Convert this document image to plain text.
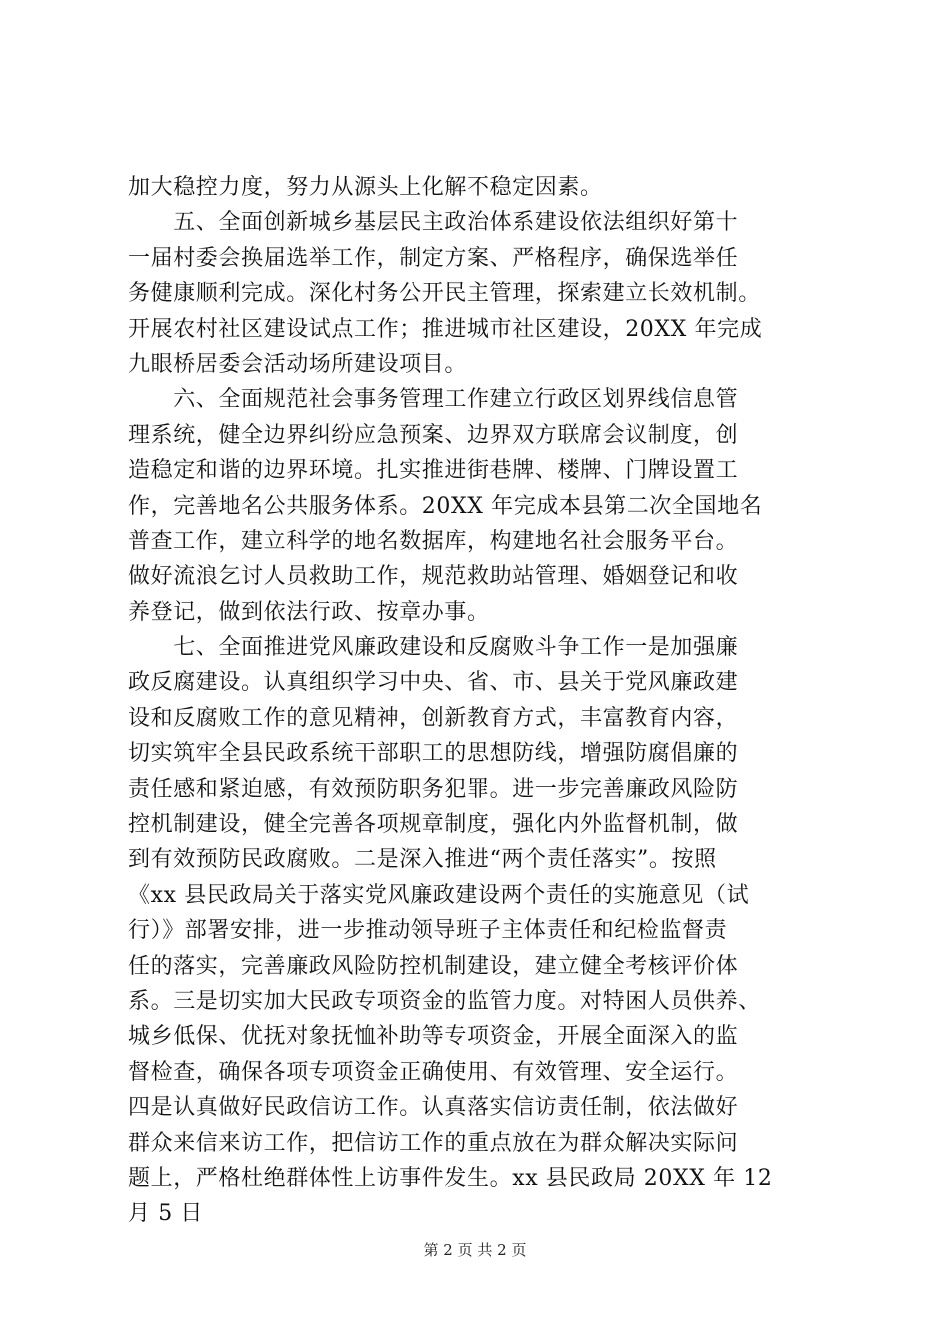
加大稳控力度，努力从源头上化解不稳定因素。
　　五、全面创新城乡基层民主政治体系建设依法组织好第十
一届村委会换届选举工作，制定方案、严格程序，确保选举任
务健康顺利完成。深化村务公开民主管理，探索建立长效机制。
开展农村社区建设试点工作；推进城市社区建设，20XX 年完成
九眼桥居委会活动场所建设项目。
　　六、全面规范社会事务管理工作建立行政区划界线信息管
理系统，健全边界纠纷应急预案、边界双方联席会议制度，创
造稳定和谐的边界环境。扎实推进街巷牌、楼牌、门牌设置工
作，完善地名公共服务体系。20XX 年完成本县第二次全国地名
普查工作，建立科学的地名数据库，构建地名社会服务平台。
做好流浪乞讨人员救助工作，规范救助站管理、婚姻登记和收
养登记，做到依法行政、按章办事。
　　七、全面推进党风廉政建设和反腐败斗争工作一是加强廉
政反腐建设。认真组织学习中央、省、市、县关于党风廉政建
设和反腐败工作的意见精神，创新教育方式，丰富教育内容，
切实筑牢全县民政系统干部职工的思想防线，增强防腐倡廉的
责任感和紧迫感，有效预防职务犯罪。进一步完善廉政风险防
控机制建设，健全完善各项规章制度，强化内外监督机制，做
到有效预防民政腐败。二是深入推进“两个责任落实”。按照
《xx 县民政局关于落实党风廉政建设两个责任的实施意见（试
行）》部署安排，进一步推动领导班子主体责任和纪检监督责
任的落实，完善廉政风险防控机制建设，建立健全考核评价体
系。三是切实加大民政专项资金的监管力度。对特困人员供养、
城乡低保、优抚对象抚恤补助等专项资金，开展全面深入的监
督检查，确保各项专项资金正确使用、有效管理、安全运行。
四是认真做好民政信访工作。认真落实信访责任制，依法做好
群众来信来访工作，把信访工作的重点放在为群众解决实际问
题上，严格杜绝群体性上访事件发生。xx 县民政局 20XX 年 12
月 5 日
第 2 页 共 2 页
